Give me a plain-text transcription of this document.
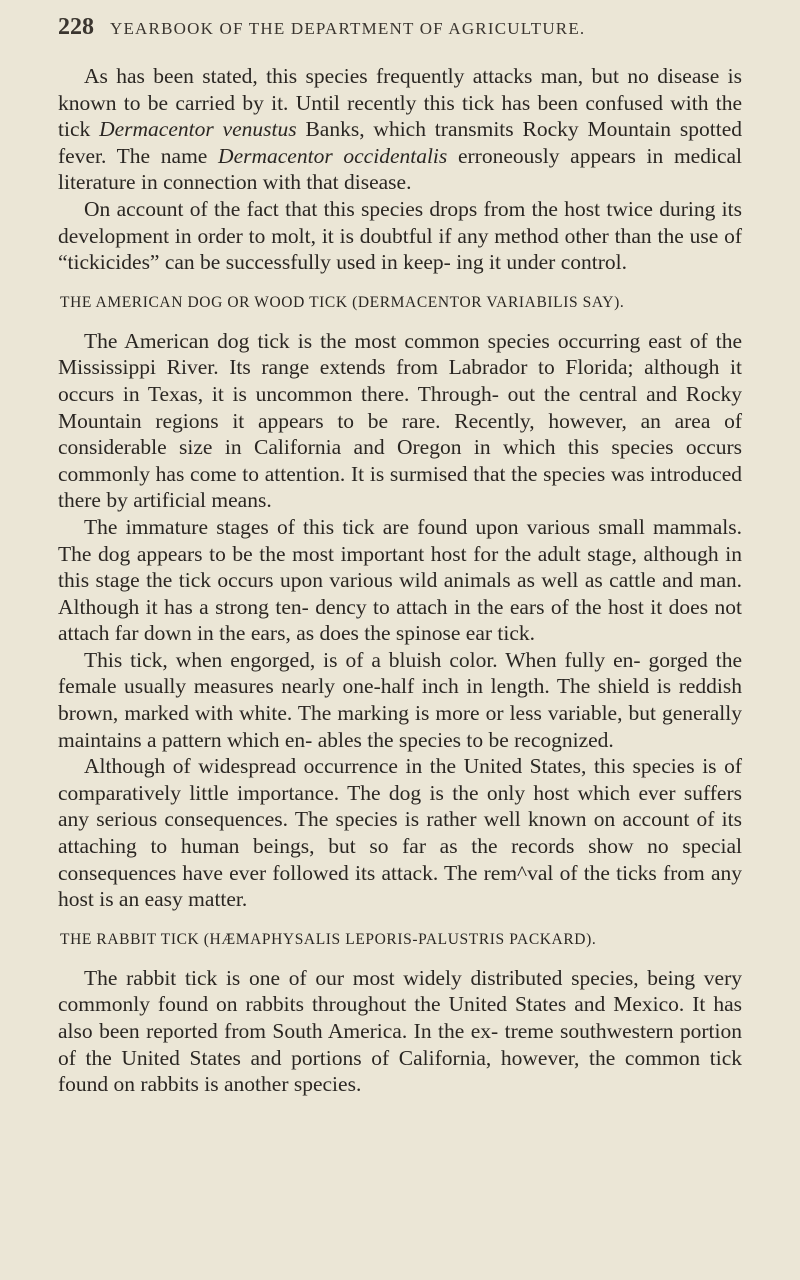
228 YEARBOOK OF THE DEPARTMENT OF AGRICULTURE.

As has been stated, this species frequently attacks man, but no disease is known to be carried by it. Until recently this tick has been confused with the tick Dermacentor venustus Banks, which transmits Rocky Mountain spotted fever. The name Dermacentor occidentalis erroneously appears in medical literature in connection with that disease.

On account of the fact that this species drops from the host twice during its development in order to molt, it is doubtful if any method other than the use of “tickicides” can be successfully used in keep- ing it under control.

THE AMERICAN DOG OR WOOD TICK (DERMACENTOR VARIABILIS SAY).

The American dog tick is the most common species occurring east of the Mississippi River. Its range extends from Labrador to Florida; although it occurs in Texas, it is uncommon there. Through- out the central and Rocky Mountain regions it appears to be rare. Recently, however, an area of considerable size in California and Oregon in which this species occurs commonly has come to attention. It is surmised that the species was introduced there by artificial means.

The immature stages of this tick are found upon various small mammals. The dog appears to be the most important host for the adult stage, although in this stage the tick occurs upon various wild animals as well as cattle and man. Although it has a strong ten- dency to attach in the ears of the host it does not attach far down in the ears, as does the spinose ear tick.

This tick, when engorged, is of a bluish color. When fully en- gorged the female usually measures nearly one-half inch in length. The shield is reddish brown, marked with white. The marking is more or less variable, but generally maintains a pattern which en- ables the species to be recognized.

Although of widespread occurrence in the United States, this species is of comparatively little importance. The dog is the only host which ever suffers any serious consequences. The species is rather well known on account of its attaching to human beings, but so far as the records show no special consequences have ever followed its attack. The rem^val of the ticks from any host is an easy matter.

THE RABBIT TICK (HÆMAPHYSALIS LEPORIS-PALUSTRIS PACKARD).

The rabbit tick is one of our most widely distributed species, being very commonly found on rabbits throughout the United States and Mexico. It has also been reported from South America. In the ex- treme southwestern portion of the United States and portions of California, however, the common tick found on rabbits is another species.
